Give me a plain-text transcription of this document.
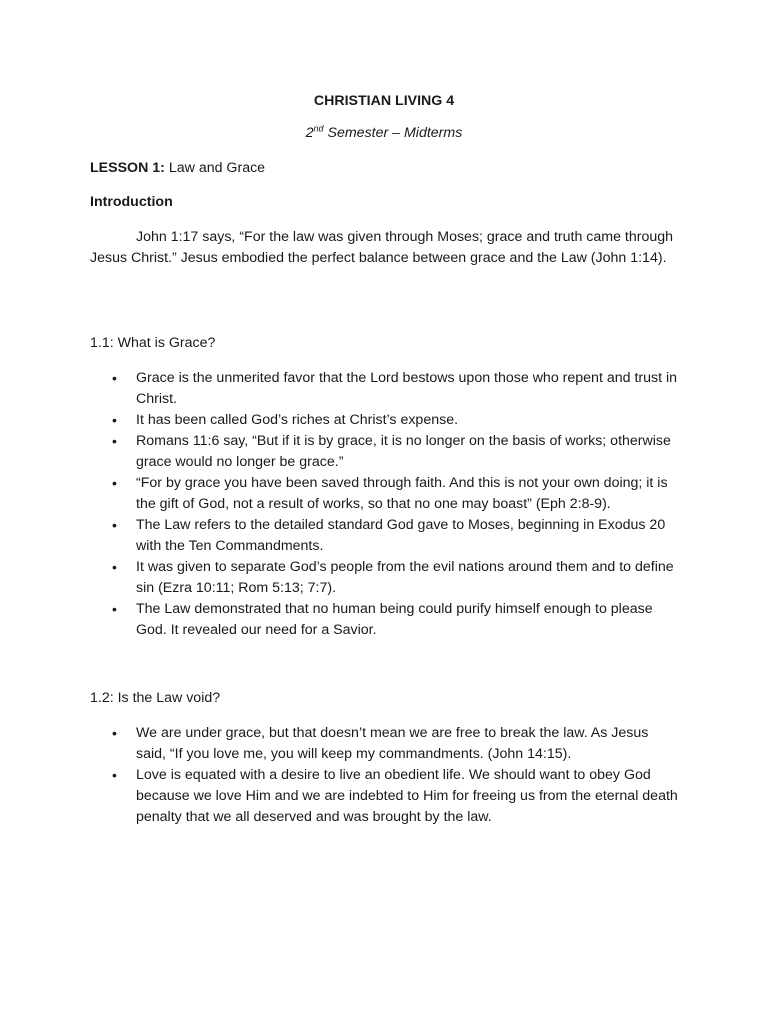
CHRISTIAN LIVING 4
2nd Semester – Midterms
LESSON 1: Law and Grace
Introduction

John 1:17 says, “For the law was given through Moses; grace and truth came through Jesus Christ.” Jesus embodied the perfect balance between grace and the Law (John 1:14).

1.1: What is Grace?
• Grace is the unmerited favor that the Lord bestows upon those who repent and trust in Christ.
• It has been called God’s riches at Christ’s expense.
• Romans 11:6 say, “But if it is by grace, it is no longer on the basis of works; otherwise grace would no longer be grace.”
• “For by grace you have been saved through faith. And this is not your own doing; it is the gift of God, not a result of works, so that no one may boast” (Eph 2:8-9).
• The Law refers to the detailed standard God gave to Moses, beginning in Exodus 20 with the Ten Commandments.
• It was given to separate God’s people from the evil nations around them and to define sin (Ezra 10:11; Rom 5:13; 7:7).
• The Law demonstrated that no human being could purify himself enough to please God. It revealed our need for a Savior.
1.2: Is the Law void?
• We are under grace, but that doesn’t mean we are free to break the law. As Jesus said, “If you love me, you will keep my commandments. (John 14:15).
• Love is equated with a desire to live an obedient life. We should want to obey God because we love Him and we are indebted to Him for freeing us from the eternal death penalty that we all deserved and was brought by the law.
